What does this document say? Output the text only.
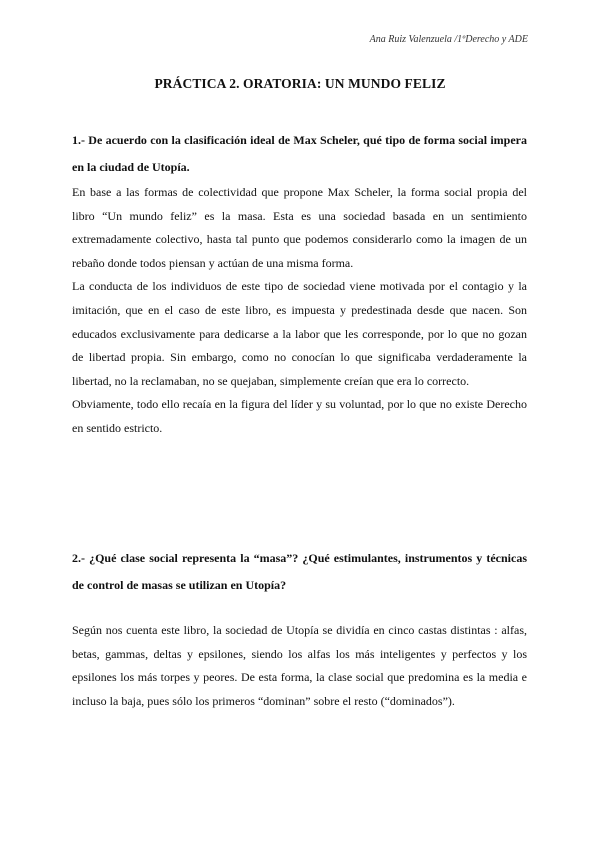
Ana Ruiz Valenzuela /1ºDerecho y ADE
PRÁCTICA 2. ORATORIA: UN MUNDO FELIZ

1.- De acuerdo con la clasificación ideal de Max Scheler, qué tipo de forma social impera en la ciudad de Utopía.

En base a las formas de colectividad que propone Max Scheler, la forma social propia del libro “Un mundo feliz” es la masa. Esta es una sociedad basada en un sentimiento extremadamente colectivo, hasta tal punto que podemos considerarlo como la imagen de un rebaño donde todos piensan y actúan de una misma forma.

La conducta de los individuos de este tipo de sociedad viene motivada por el contagio y la imitación, que en el caso de este libro, es impuesta y predestinada desde que nacen. Son educados exclusivamente para dedicarse a la labor que les corresponde, por lo que no gozan de libertad propia. Sin embargo, como no conocían lo que significaba verdaderamente la libertad, no la reclamaban, no se quejaban, simplemente creían que era lo correcto.

Obviamente, todo ello recaía en la figura del líder y su voluntad, por lo que no existe Derecho en sentido estricto.

2.- ¿Qué clase social representa la “masa”? ¿Qué estimulantes, instrumentos y técnicas de control de masas se utilizan en Utopía?

Según nos cuenta este libro, la sociedad de Utopía se dividía en cinco castas distintas : alfas, betas, gammas, deltas y epsilones, siendo los alfas los más inteligentes y perfectos y los epsilones los más torpes y peores. De esta forma, la clase social que predomina es la media e incluso la baja, pues sólo los primeros “dominan” sobre el resto (“dominados”).
